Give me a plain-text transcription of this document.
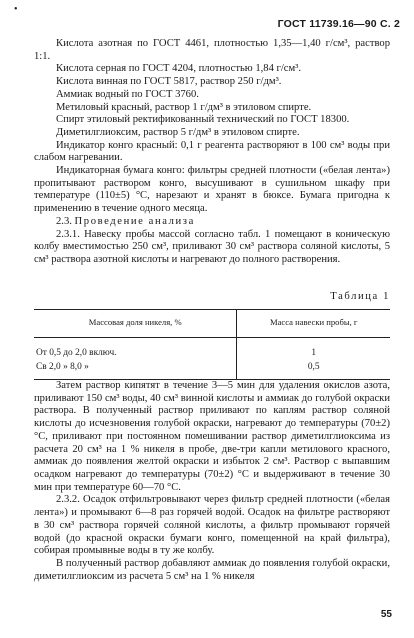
•
ГОСТ 11739.16—90 С. 2

Кислота азотная по ГОСТ 4461, плотностью 1,35—1,40 г/см³, раствор 1:1.

Кислота серная по ГОСТ 4204, плотностью 1,84 г/см³.

Кислота винная по ГОСТ 5817, раствор 250 г/дм³.

Аммиак водный по ГОСТ 3760.

Метиловый красный, раствор 1 г/дм³ в этиловом спирте.

Спирт этиловый ректификованный технический по ГОСТ 18300.

Диметилглиоксим, раствор 5 г/дм³ в этиловом спирте.

Индикатор конго красный: 0,1 г реагента растворяют в 100 см³ воды при слабом нагревании.

Индикаторная бумага конго: фильтры средней плотности («белая лента») пропитывают раствором конго, высушивают в сушильном шкафу при температуре (110±5) °С, нарезают и хранят в бюксе. Бумага пригодна к применению в течение одного месяца.

2.3. Проведение анализа

2.3.1. Навеску пробы массой согласно табл. 1 помещают в коническую колбу вместимостью 250 см³, приливают 30 см³ раствора соляной кислоты, 5 см³ раствора азотной кислоты и нагревают до полного растворения.

Таблица 1
Массовая доля никеля, %	Масса навески пробы, г
От 0,5 до 2,0 включ.	1
Св 2,0 » 8,0 »	0,5

Затем раствор кипятят в течение 3—5 мин для удаления окислов азота, приливают 150 см³ воды, 40 см³ винной кислоты и аммиак до голубой окраски раствора. В полученный раствор приливают по каплям раствор соляной кислоты до исчезновения голубой окраски, нагревают до температуры (70±2) °С, приливают при постоянном помешивании раствор диметилглиоксима из расчета 20 см³ на 1 % никеля в пробе, две-три капли метилового красного, аммиак до появления желтой окраски и избыток 2 см³. Раствор с выпавшим осадком нагревают до температуры (70±2) °С и выдерживают в течение 30 мин при температуре 60—70 °С.

2.3.2. Осадок отфильтровывают через фильтр средней плотности («белая лента») и промывают 6—8 раз горячей водой. Осадок на фильтре растворяют в 30 см³ раствора горячей соляной кислоты, а фильтр промывают горячей водой (до красной окраски бумаги конго, помещенной на край фильтра), собирая промывные воды в ту же колбу.

В полученный раствор добавляют аммиак до появления голубой окраски, диметилглиоксим из расчета 5 см³ на 1 % никеля

55
